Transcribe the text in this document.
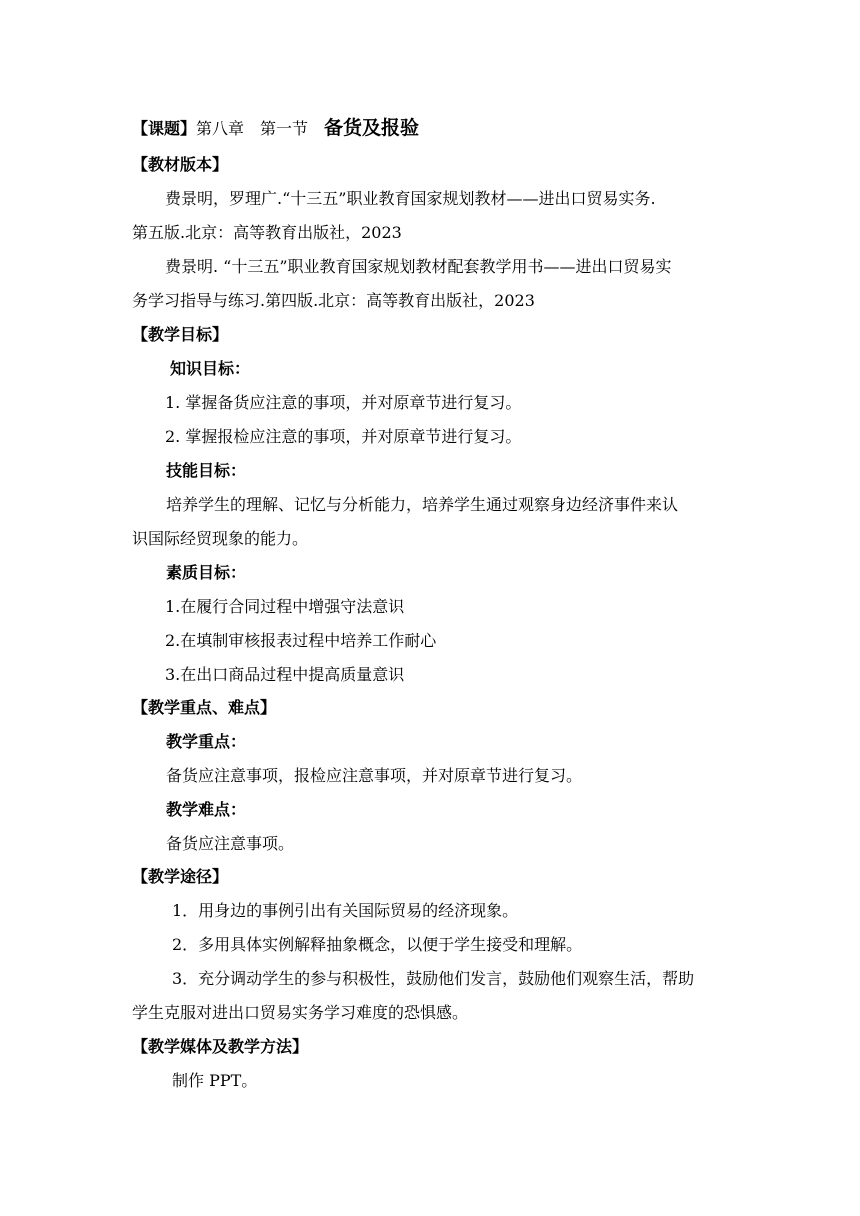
【课题】第八章　第一节　备货及报验
【教材版本】
费景明，罗理广.“十三五”职业教育国家规划教材——进出口贸易实务.
第五版.北京：高等教育出版社，2023
费景明. “十三五”职业教育国家规划教材配套教学用书——进出口贸易实
务学习指导与练习.第四版.北京：高等教育出版社，2023
【教学目标】
知识目标：
1. 掌握备货应注意的事项，并对原章节进行复习。
2. 掌握报检应注意的事项，并对原章节进行复习。
技能目标：
培养学生的理解、记忆与分析能力，培养学生通过观察身边经济事件来认
识国际经贸现象的能力。
素质目标：
1.在履行合同过程中增强守法意识
2.在填制审核报表过程中培养工作耐心
3.在出口商品过程中提高质量意识
【教学重点、难点】
教学重点：
备货应注意事项，报检应注意事项，并对原章节进行复习。
教学难点：
备货应注意事项。
【教学途径】
1．用身边的事例引出有关国际贸易的经济现象。
2．多用具体实例解释抽象概念，以便于学生接受和理解。
3．充分调动学生的参与积极性，鼓励他们发言，鼓励他们观察生活，帮助
学生克服对进出口贸易实务学习难度的恐惧感。
【教学媒体及教学方法】
制作 PPT。
